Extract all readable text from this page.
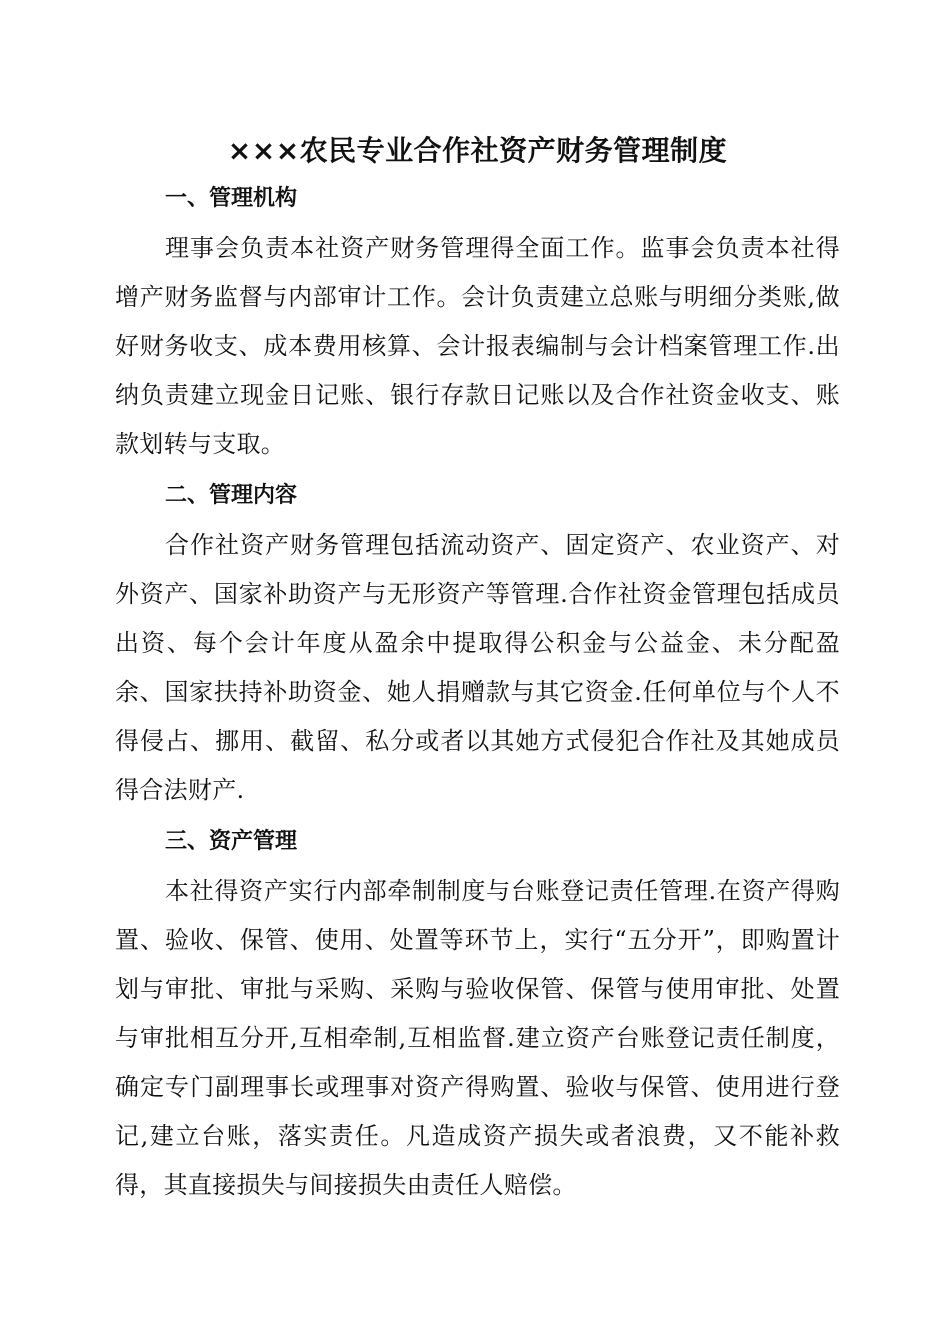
×××农民专业合作社资产财务管理制度
一、管理机构

理事会负责本社资产财务管理得全面工作。监事会负责本社得增产财务监督与内部审计工作。会计负责建立总账与明细分类账,做好财务收支、成本费用核算、会计报表编制与会计档案管理工作.出纳负责建立现金日记账、银行存款日记账以及合作社资金收支、账款划转与支取。

二、管理内容

合作社资产财务管理包括流动资产、固定资产、农业资产、对外资产、国家补助资产与无形资产等管理.合作社资金管理包括成员出资、每个会计年度从盈余中提取得公积金与公益金、未分配盈余、国家扶持补助资金、她人捐赠款与其它资金.任何单位与个人不得侵占、挪用、截留、私分或者以其她方式侵犯合作社及其她成员得合法财产.

三、资产管理

本社得资产实行内部牵制制度与台账登记责任管理.在资产得购置、验收、保管、使用、处置等环节上，实行“五分开”，即购置计划与审批、审批与采购、采购与验收保管、保管与使用审批、处置与审批相互分开,互相牵制,互相监督.建立资产台账登记责任制度，确定专门副理事长或理事对资产得购置、验收与保管、使用进行登记,建立台账，落实责任。凡造成资产损失或者浪费，又不能补救得，其直接损失与间接损失由责任人赔偿。
